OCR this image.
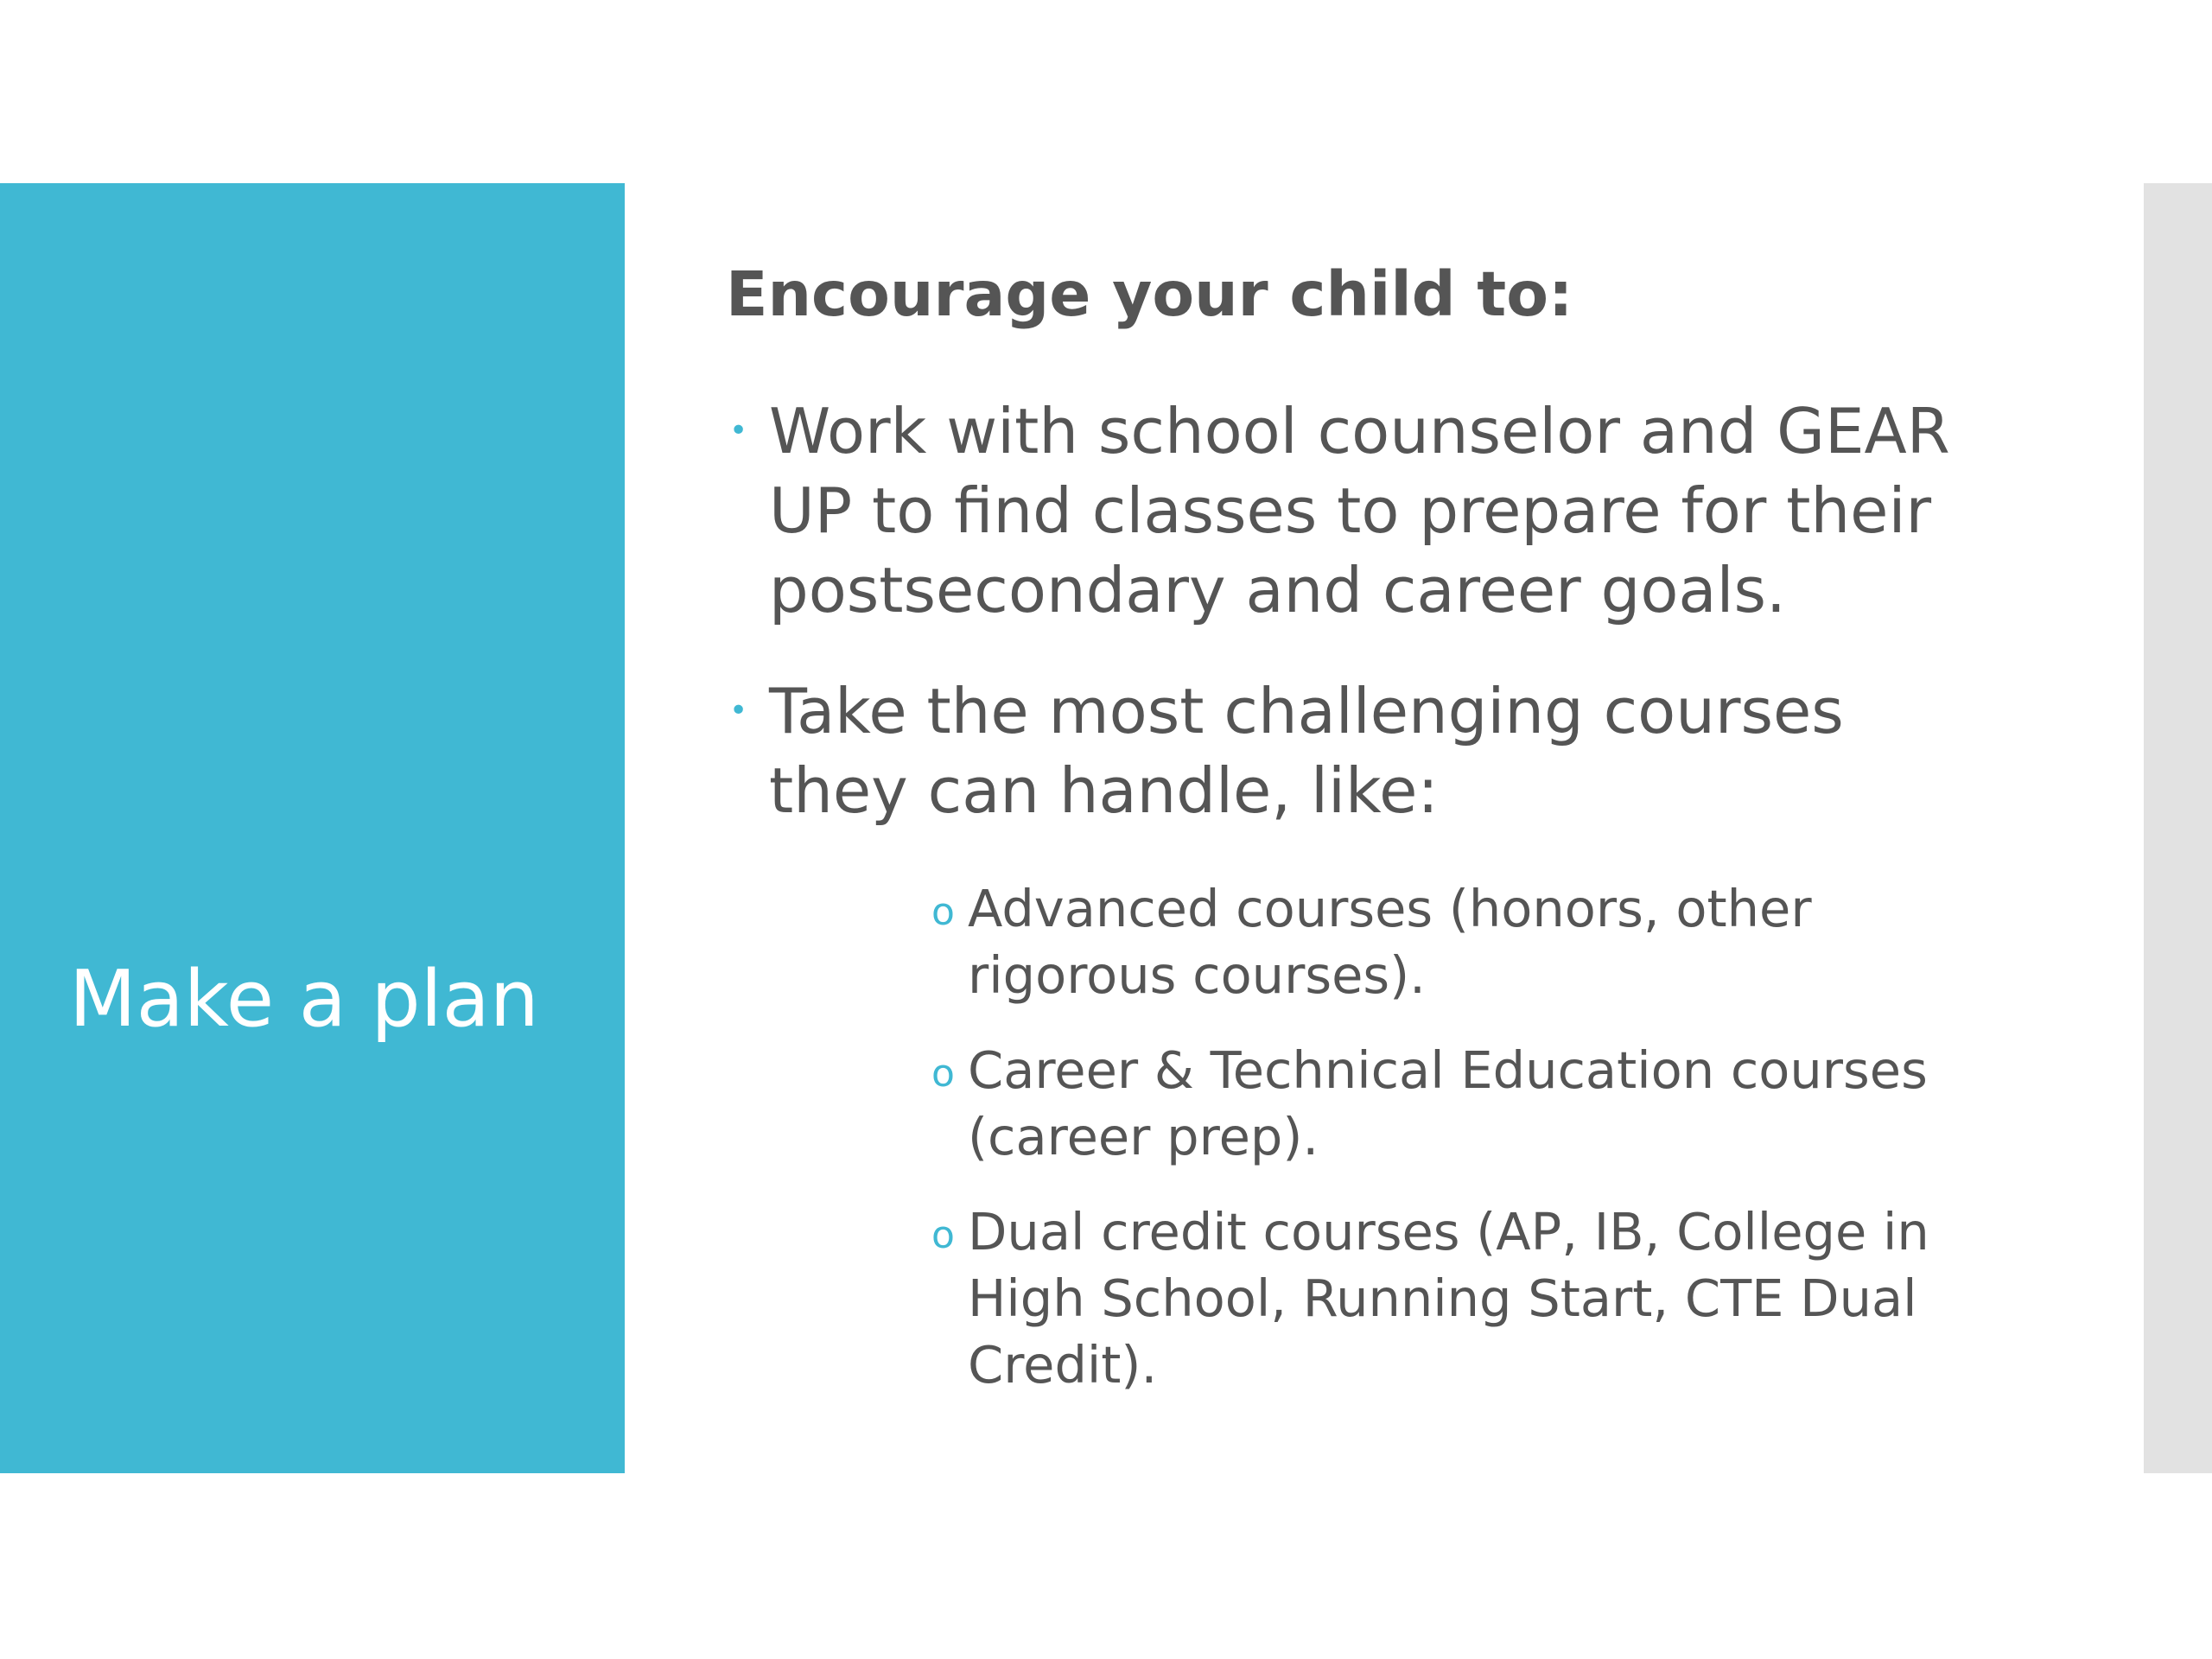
Make a plan
Encourage your child to:
• Work with school counselor and GEAR UP to find classes to prepare for their postsecondary and career goals.
• Take the most challenging courses they can handle, like:
o Advanced courses (honors, other rigorous courses).
o Career & Technical Education courses (career prep).
o Dual credit courses (AP, IB, College in High School, Running Start, CTE Dual Credit).
